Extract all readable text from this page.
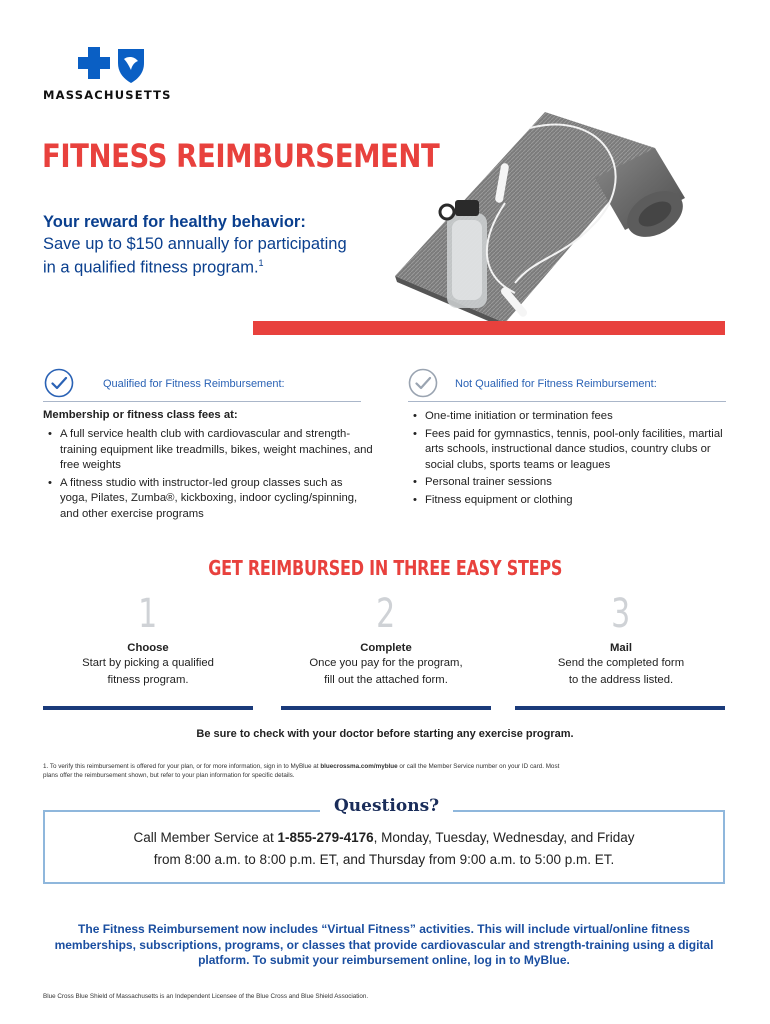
MASSACHUSETTS
FITNESS REIMBURSEMENT
Your reward for healthy behavior:
Save up to $150 annually for participating
in a qualified fitness program.$^1$
Qualified for Fitness Reimbursement:
Membership or fitness class fees at:
• A full service health club with cardiovascular and strength-training equipment like treadmills, bikes, weight machines, and free weights
• A fitness studio with instructor-led group classes such as yoga, Pilates, Zumba®, kickboxing, indoor cycling/spinning, and other exercise programs
Not Qualified for Fitness Reimbursement:
• One-time initiation or termination fees
• Fees paid for gymnastics, tennis, pool-only facilities, martial arts schools, instructional dance studios, country clubs or social clubs, sports teams or leagues
• Personal trainer sessions
• Fitness equipment or clothing
GET REIMBURSED IN THREE EASY STEPS
1
Choose
Start by picking a qualified
fitness program.
2
Complete
Once you pay for the program,
fill out the attached form.
3
Mail
Send the completed form
to the address listed.
Be sure to check with your doctor before starting any exercise program.
1. To verify this reimbursement is offered for your plan, or for more information, sign in to MyBlue at bluecrossma.com/myblue or call the Member Service number on your ID card. Most plans offer the reimbursement shown, but refer to your plan information for specific details.
Questions?
Call Member Service at 1-855-279-4176, Monday, Tuesday, Wednesday, and Friday
from 8:00 a.m. to 8:00 p.m. ET, and Thursday from 9:00 a.m. to 5:00 p.m. ET.
The Fitness Reimbursement now includes “Virtual Fitness” activities. This will include virtual/online fitness memberships, subscriptions, programs, or classes that provide cardiovascular and strength-training using a digital platform. To submit your reimbursement online, log in to MyBlue.
Blue Cross Blue Shield of Massachusetts is an Independent Licensee of the Blue Cross and Blue Shield Association.
